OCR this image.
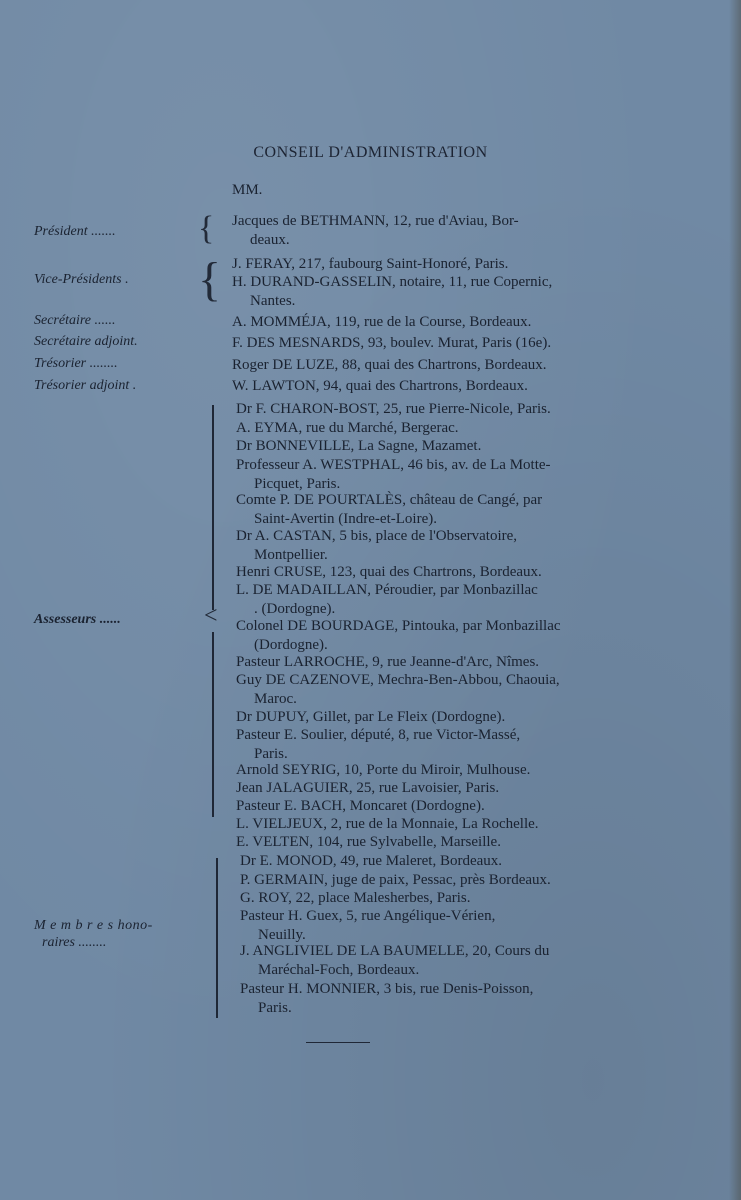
CONSEIL D'ADMINISTRATION
MM.
Président .......
Vice-Présidents .
Secrétaire ......
Secrétaire adjoint.
Trésorier ........
Trésorier adjoint .
Assesseurs ......
M e m b r e s hono-
raires ........
{
{
<
Jacques de BETHMANN, 12, rue d'Aviau, Bor-
deaux.
J. FERAY, 217, faubourg Saint-Honoré, Paris.
H. DURAND-GASSELIN, notaire, 11, rue Copernic,
Nantes.
A. MOMMÉJA, 119, rue de la Course, Bordeaux.
F. DES MESNARDS, 93, boulev. Murat, Paris (16e).
Roger DE LUZE, 88, quai des Chartrons, Bordeaux.
W. LAWTON, 94, quai des Chartrons, Bordeaux.
Dr F. CHARON-BOST, 25, rue Pierre-Nicole, Paris.
A. EYMA, rue du Marché, Bergerac.
Dr BONNEVILLE, La Sagne, Mazamet.
Professeur A. WESTPHAL, 46 bis, av. de La Motte-
Picquet, Paris.
Comte P. DE POURTALÈS, château de Cangé, par
Saint-Avertin (Indre-et-Loire).
Dr A. CASTAN, 5 bis, place de l'Observatoire,
Montpellier.
Henri CRUSE, 123, quai des Chartrons, Bordeaux.
L. DE MADAILLAN, Péroudier, par Monbazillac
. (Dordogne).
Colonel DE BOURDAGE, Pintouka, par Monbazillac
(Dordogne).
Pasteur LARROCHE, 9, rue Jeanne-d'Arc, Nîmes.
Guy DE CAZENOVE, Mechra-Ben-Abbou, Chaouia,
Maroc.
Dr DUPUY, Gillet, par Le Fleix (Dordogne).
Pasteur E. Soulier, député, 8, rue Victor-Massé,
Paris.
Arnold SEYRIG, 10, Porte du Miroir, Mulhouse.
Jean JALAGUIER, 25, rue Lavoisier, Paris.
Pasteur E. BACH, Moncaret (Dordogne).
L. VIELJEUX, 2, rue de la Monnaie, La Rochelle.
E. VELTEN, 104, rue Sylvabelle, Marseille.
Dr E. MONOD, 49, rue Maleret, Bordeaux.
P. GERMAIN, juge de paix, Pessac, près Bordeaux.
G. ROY, 22, place Malesherbes, Paris.
Pasteur H. Guex, 5, rue Angélique-Vérien,
Neuilly.
J. ANGLIVIEL DE LA BAUMELLE, 20, Cours du
Maréchal-Foch, Bordeaux.
Pasteur H. MONNIER, 3 bis, rue Denis-Poisson,
Paris.
